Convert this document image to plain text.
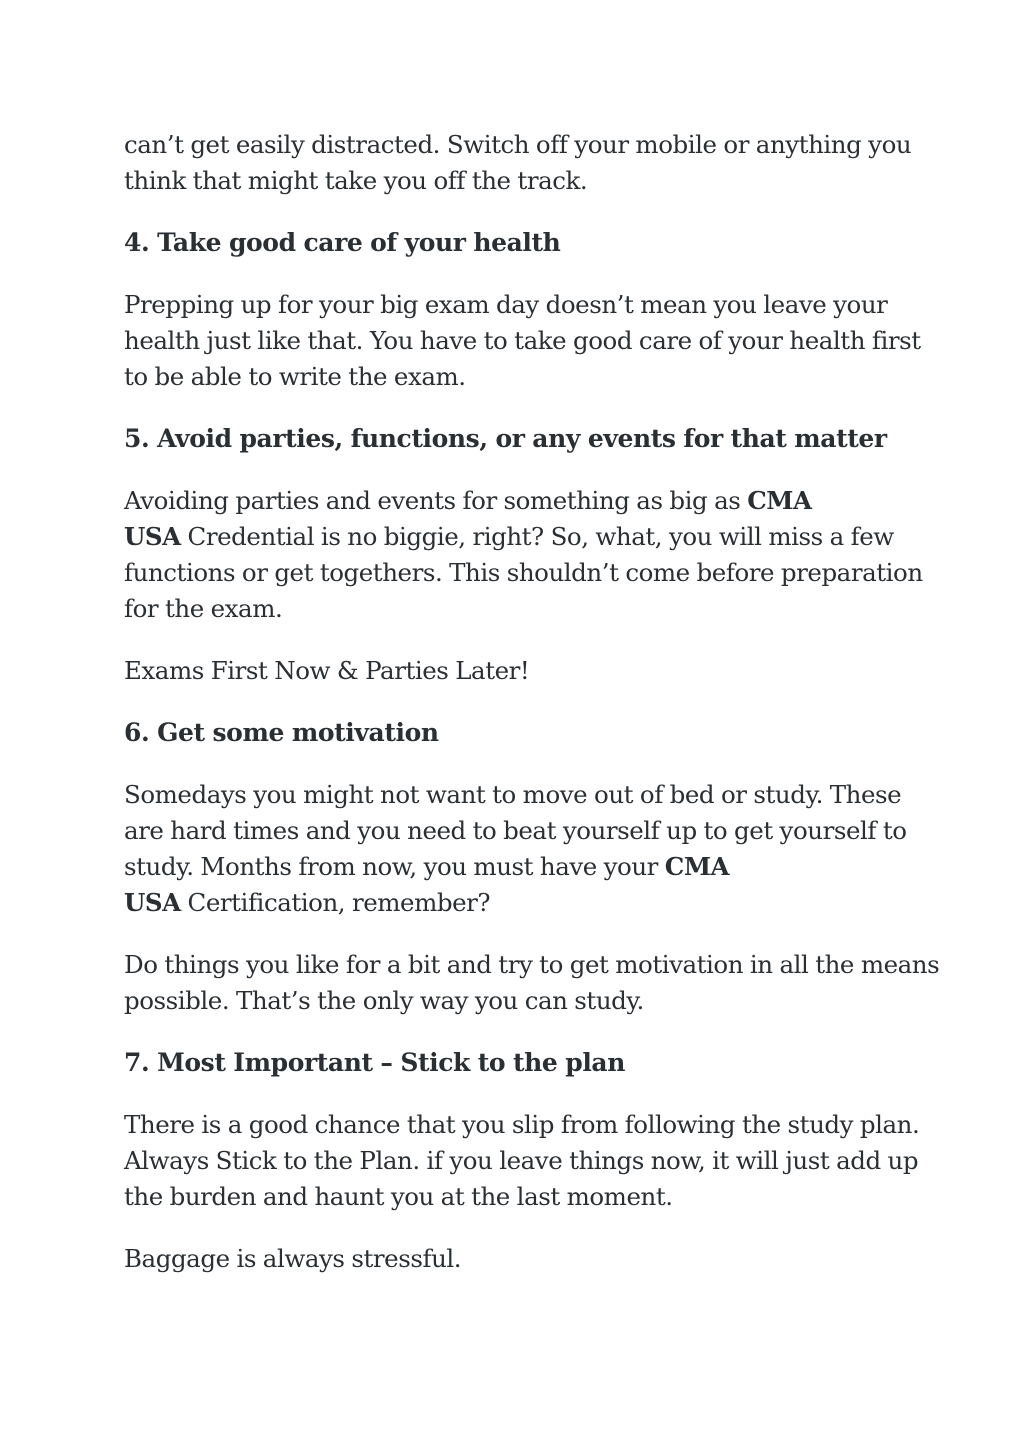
can’t get easily distracted. Switch off your mobile or anything you
think that might take you off the track.

4. Take good care of your health

Prepping up for your big exam day doesn’t mean you leave your
health just like that. You have to take good care of your health first
to be able to write the exam.

5. Avoid parties, functions, or any events for that matter

Avoiding parties and events for something as big as CMA
USA Credential is no biggie, right? So, what, you will miss a few
functions or get togethers. This shouldn’t come before preparation
for the exam.

Exams First Now & Parties Later!

6. Get some motivation

Somedays you might not want to move out of bed or study. These
are hard times and you need to beat yourself up to get yourself to
study. Months from now, you must have your CMA
USA Certification, remember?

Do things you like for a bit and try to get motivation in all the means
possible. That’s the only way you can study.

7. Most Important – Stick to the plan

There is a good chance that you slip from following the study plan.
Always Stick to the Plan. if you leave things now, it will just add up
the burden and haunt you at the last moment.

Baggage is always stressful.
